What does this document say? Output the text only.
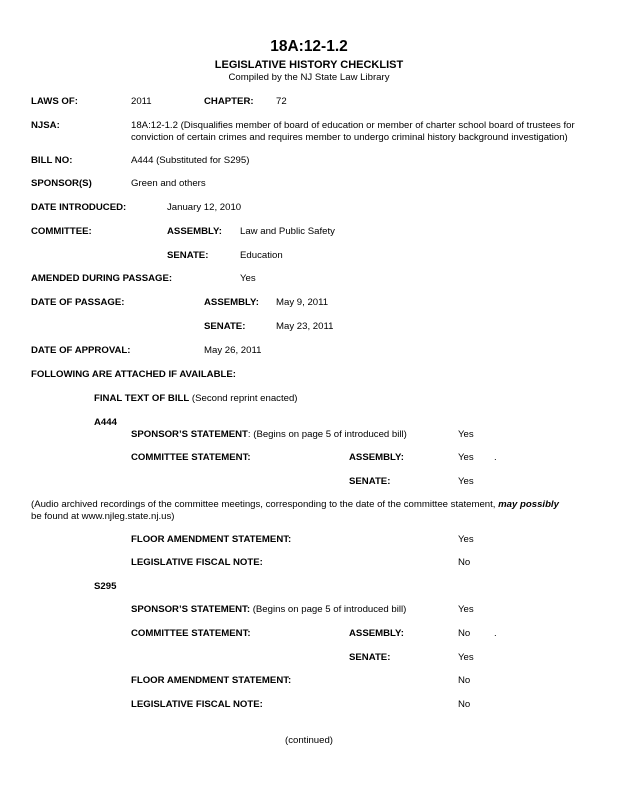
18A:12-1.2
LEGISLATIVE HISTORY CHECKLIST
Compiled by the NJ State Law Library
LAWS OF:	2011	CHAPTER: 72
NJSA:	18A:12-1.2 (Disqualifies member of board of education or member of charter school board of trustees for
conviction of certain crimes and requires member to undergo criminal history background investigation)
BILL NO:	A444 (Substituted for S295)
SPONSOR(S)	Green and others
DATE INTRODUCED:	January 12, 2010
COMMITTEE:	ASSEMBLY: Law and Public Safety
SENATE:	Education
AMENDED DURING PASSAGE:	Yes
DATE OF PASSAGE:	ASSEMBLY: May 9, 2011
SENATE:	May 23, 2011
DATE OF APPROVAL:	May 26, 2011
FOLLOWING ARE ATTACHED IF AVAILABLE:
FINAL TEXT OF BILL (Second reprint enacted)
A444
SPONSOR’S STATEMENT: (Begins on page 5 of introduced bill)	Yes
COMMITTEE STATEMENT:	ASSEMBLY:	Yes .
SENATE:	Yes
(Audio archived recordings of the committee meetings, corresponding to the date of the committee statement, may possibly
be found at www.njleg.state.nj.us)
FLOOR AMENDMENT STATEMENT:	Yes
LEGISLATIVE FISCAL NOTE:	No
S295
SPONSOR’S STATEMENT: (Begins on page 5 of introduced bill)	Yes
COMMITTEE STATEMENT:	ASSEMBLY:	No .
SENATE:	Yes
FLOOR AMENDMENT STATEMENT:	No
LEGISLATIVE FISCAL NOTE:	No
(continued)
